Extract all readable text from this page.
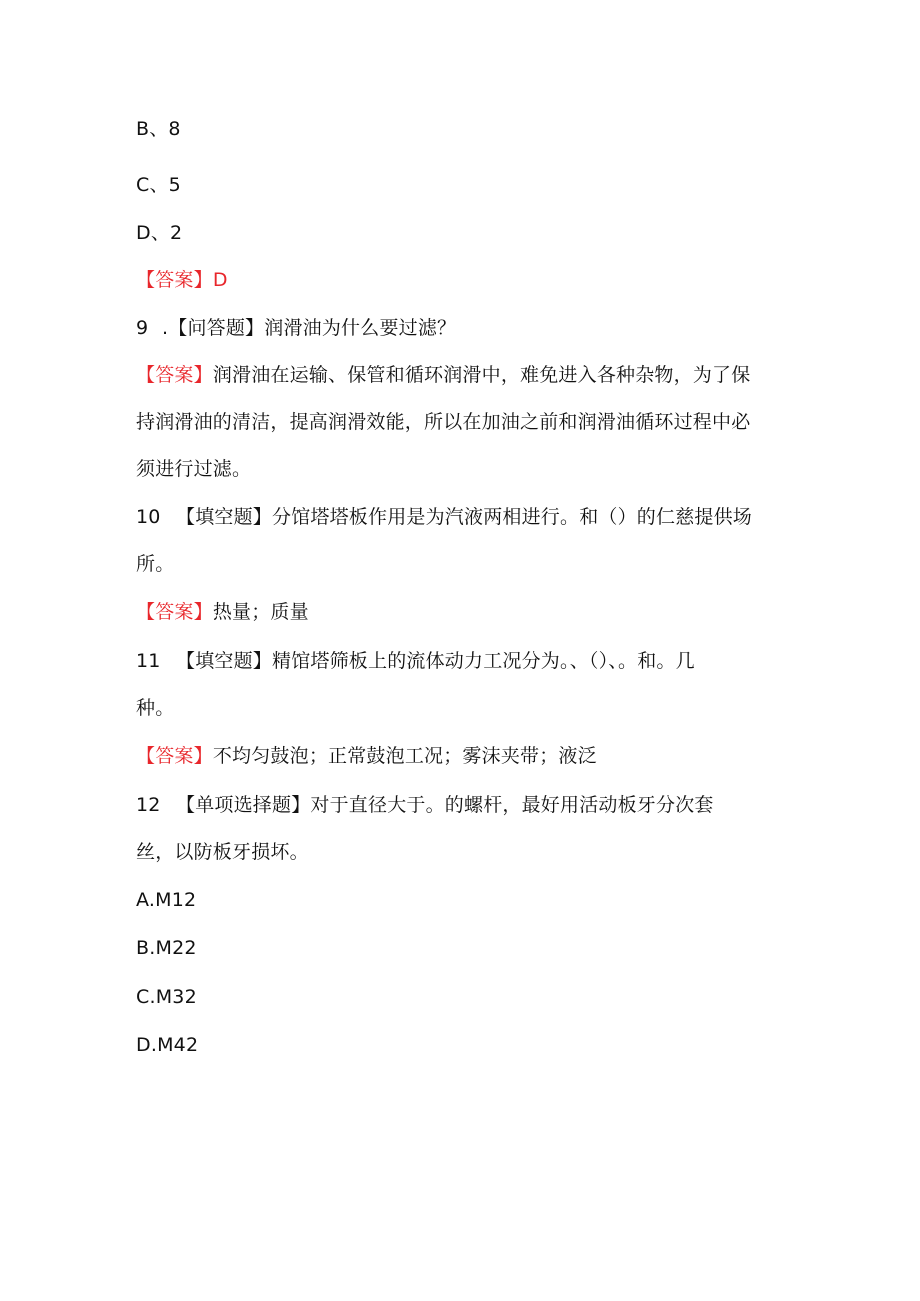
B、8
C、5
D、2
【答案】D
9 .【问答题】润滑油为什么要过滤？
【答案】润滑油在运输、保管和循环润滑中，难免进入各种杂物，为了保
持润滑油的清洁，提高润滑效能，所以在加油之前和润滑油循环过程中必
须进行过滤。
10 【填空题】分馆塔塔板作用是为汽液两相进行。和（）的仁慈提供场
所。
【答案】热量；质量
11 【填空题】精馆塔筛板上的流体动力工况分为。、（）、。和。几
种。
【答案】不均匀鼓泡；正常鼓泡工况；雾沫夹带；液泛
12 【单项选择题】对于直径大于。的螺杆，最好用活动板牙分次套
丝，以防板牙损坏。
A.M12
B.M22
C.M32
D.M42
